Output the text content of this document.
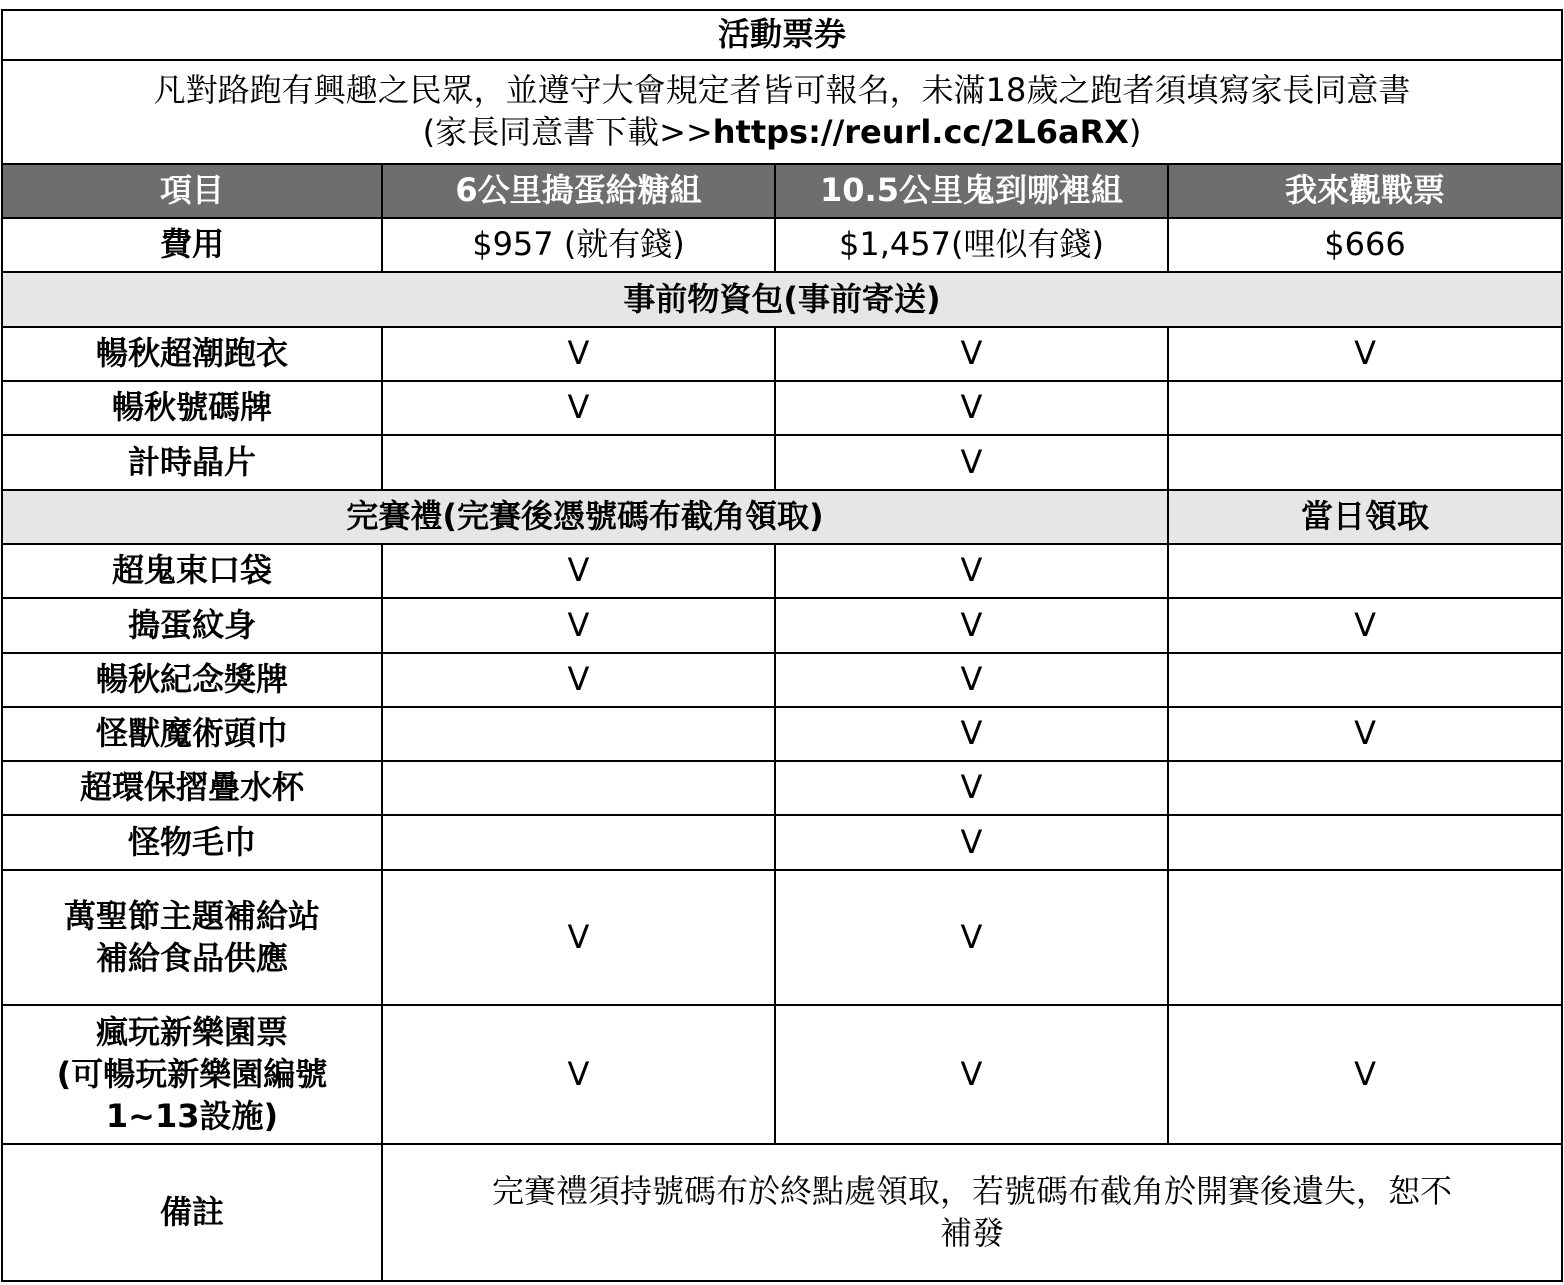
活動票券			
凡對路跑有興趣之民眾，並遵守大會規定者皆可報名，未滿18歲之跑者須填寫家長同意書
(家長同意書下載>>https://reurl.cc/2L6aRX)			
項目	6公里搗蛋給糖組	10.5公里鬼到哪裡組	我來觀戰票
費用	$957 (就有錢)	$1,457(哩似有錢)	$666
事前物資包(事前寄送)			
暢秋超潮跑衣	V	V	V
暢秋號碼牌	V	V	
計時晶片		V	
完賽禮(完賽後憑號碼布截角領取)			當日領取
超鬼束口袋	V	V	
搗蛋紋身	V	V	V
暢秋紀念獎牌	V	V	
怪獸魔術頭巾		V	V
超環保摺疊水杯		V	
怪物毛巾		V	
萬聖節主題補給站
補給食品供應	V	V	
瘋玩新樂園票
(可暢玩新樂園編號
1~13設施)	V	V	V
備註	完賽禮須持號碼布於終點處領取，若號碼布截角於開賽後遺失，恕不
補發		
